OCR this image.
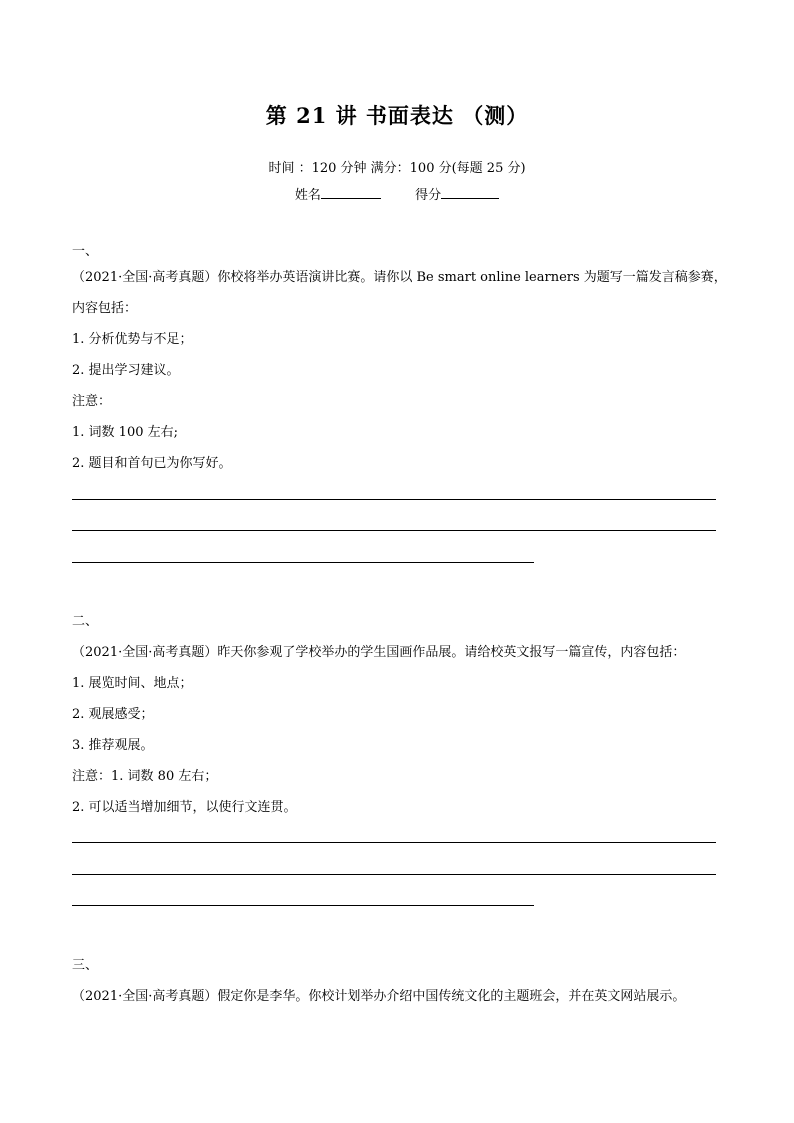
第 21 讲 书面表达 （测）
时间 ：120 分钟 满分：100 分(每题 25 分)
姓名	得分
一、
（2021·全国·高考真题）你校将举办英语演讲比赛。请你以 Be smart online learners 为题写一篇发言稿参赛，
内容包括：
1. 分析优势与不足；
2. 提出学习建议。
注意：
1. 词数 100 左右;
2. 题目和首句已为你写好。
二、
（2021·全国·高考真题）昨天你参观了学校举办的学生国画作品展。请给校英文报写一篇宣传，内容包括：
1. 展览时间、地点；
2. 观展感受；
3. 推荐观展。
注意：1. 词数 80 左右；
2. 可以适当增加细节，以使行文连贯。
三、
（2021·全国·高考真题）假定你是李华。你校计划举办介绍中国传统文化的主题班会，并在英文网站展示。
